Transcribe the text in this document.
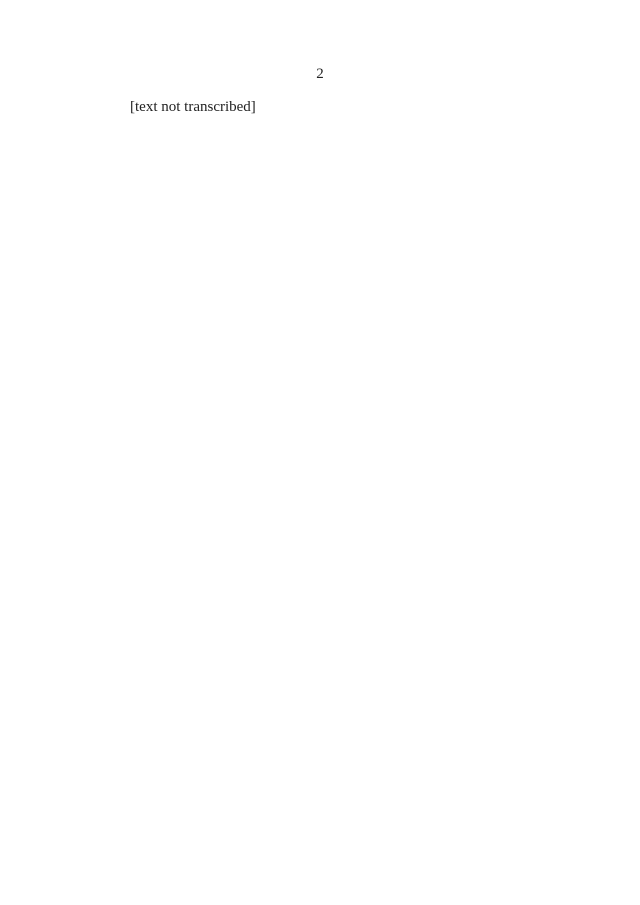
2

[text not transcribed]
